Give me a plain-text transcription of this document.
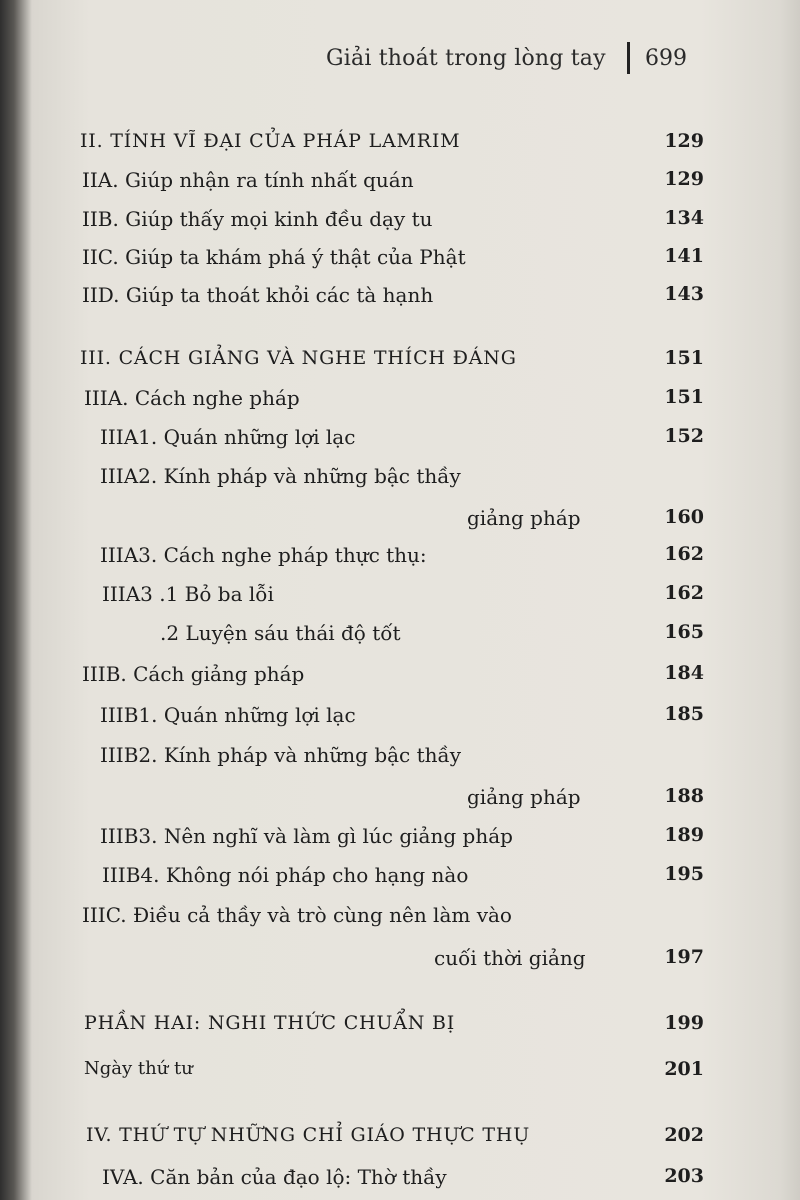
Giải thoát trong lòng tay 699
II. TÍNH VĨ ĐẠI CỦA PHÁP LAMRIM	129
IIA. Giúp nhận ra tính nhất quán	129
IIB. Giúp thấy mọi kinh đều dạy tu	134
IIC. Giúp ta khám phá ý thật của Phật	141
IID. Giúp ta thoát khỏi các tà hạnh	143
III. CÁCH GIẢNG VÀ NGHE THÍCH ĐÁNG	151
IIIA. Cách nghe pháp	151
IIIA1. Quán những lợi lạc	152
IIIA2. Kính pháp và những bậc thầy
giảng pháp	160
IIIA3. Cách nghe pháp thực thụ:	162
IIIA3 .1 Bỏ ba lỗi	162
.2 Luyện sáu thái độ tốt	165
IIIB. Cách giảng pháp	184
IIIB1. Quán những lợi lạc	185
IIIB2. Kính pháp và những bậc thầy
giảng pháp	188
IIIB3. Nên nghĩ và làm gì lúc giảng pháp	189
IIIB4. Không nói pháp cho hạng nào	195
IIIC. Điều cả thầy và trò cùng nên làm vào
cuối thời giảng	197
PHẦN HAI: NGHI THỨC CHUẨN BỊ	199
Ngày thứ tư	201
IV. THỨ TỰ NHỮNG CHỈ GIÁO THỰC THỤ	202
IVA. Căn bản của đạo lộ: Thờ thầy	203
